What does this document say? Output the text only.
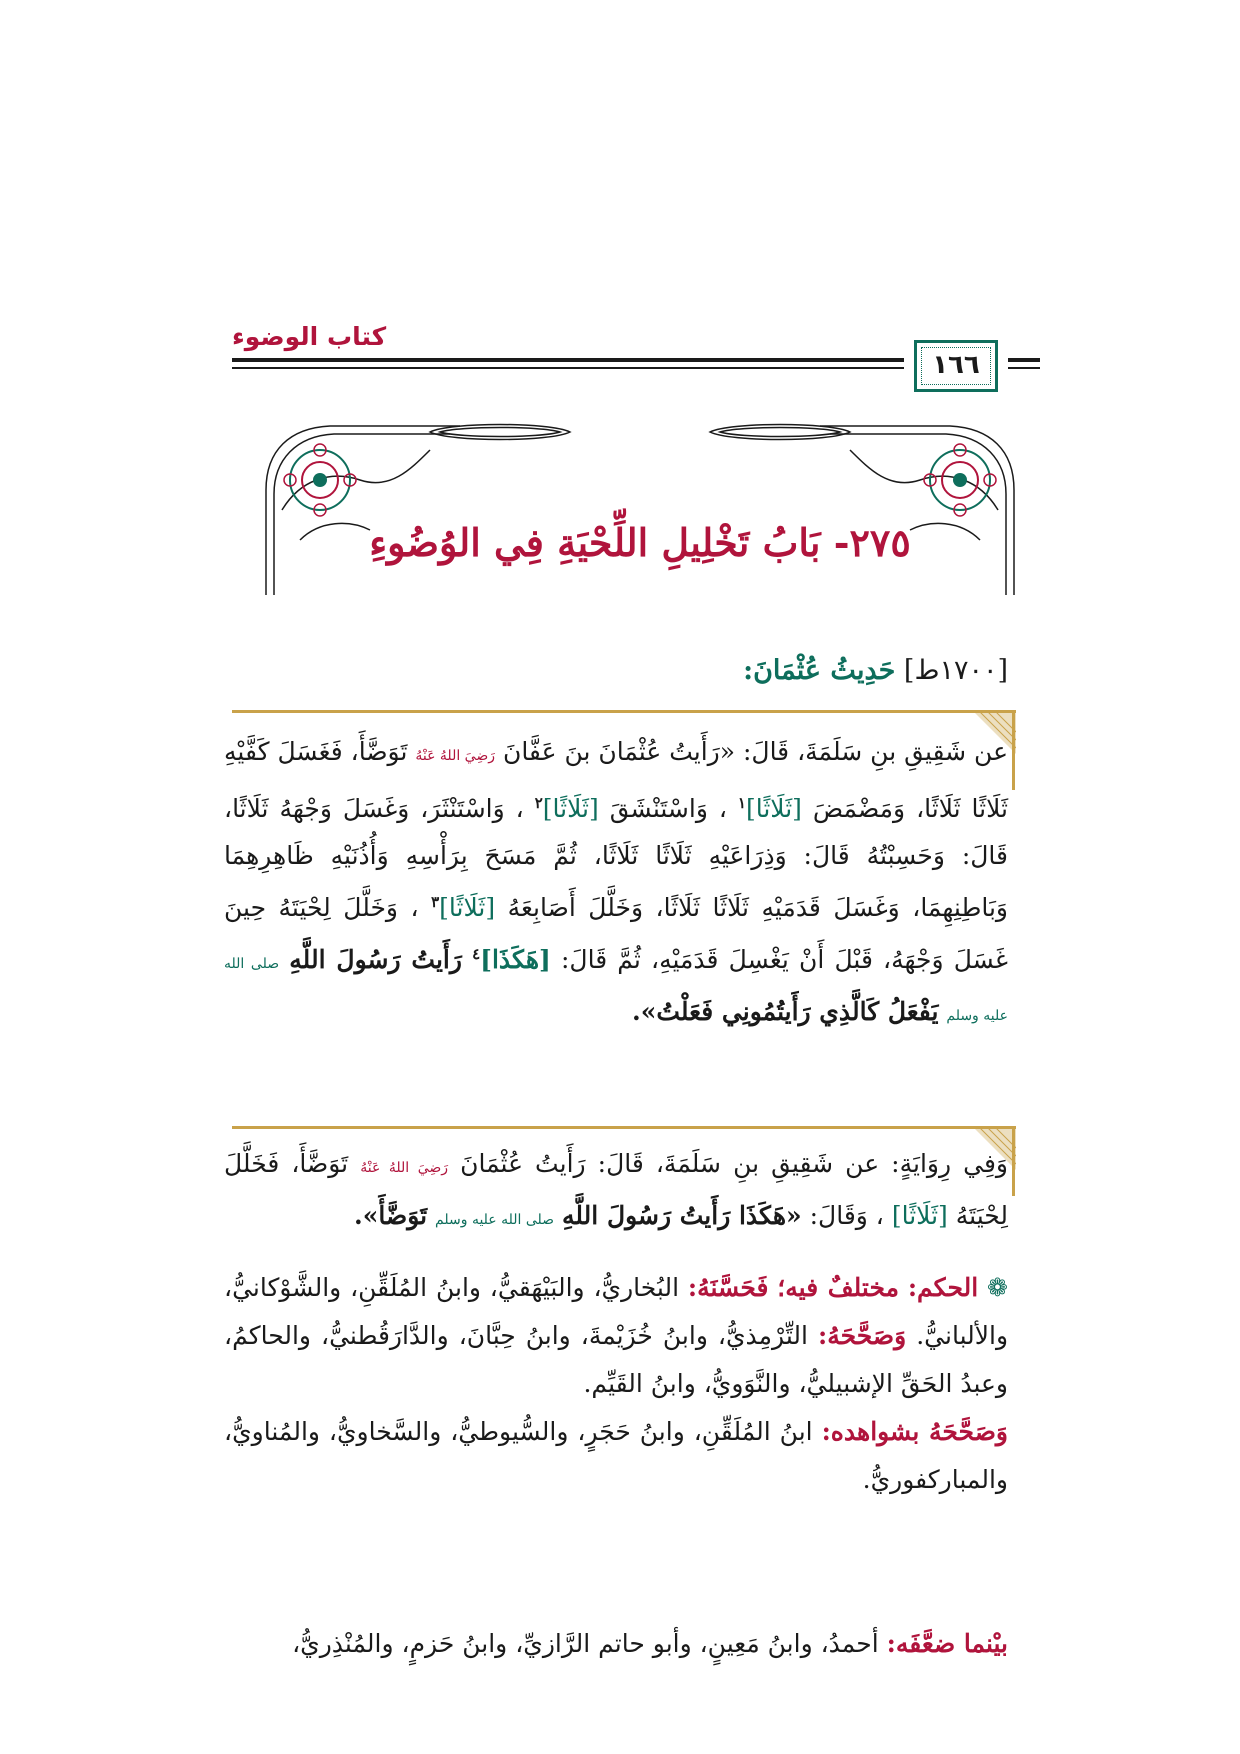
كتاب الوضوء
١٦٦
٢٧٥- بَابُ تَخْلِيلِ اللِّحْيَةِ فِي الوُضُوءِ
[١٧٠٠ط] حَدِيثُ عُثْمَانَ:
عن شَقِيقِ بنِ سَلَمَةَ، قَالَ: «رَأَيتُ عُثْمَانَ بنَ عَفَّانَ رَضِيَ اللهُ عَنْهُ تَوَضَّأَ، فَغَسَلَ كَفَّيْهِ ثَلَاثًا ثَلَاثًا، وَمَضْمَضَ [ثَلَاثًا]$^١$ ، وَاسْتَنْشَقَ [ثَلَاثًا]$^٢$ ، وَاسْتَنْثَرَ، وَغَسَلَ وَجْهَهُ ثَلَاثًا، قَالَ: وَحَسِبْتُهُ قَالَ: وَذِرَاعَيْهِ ثَلَاثًا ثَلَاثًا، ثُمَّ مَسَحَ بِرَأْسِهِ وَأُذُنَيْهِ ظَاهِرِهِمَا وَبَاطِنِهِمَا، وَغَسَلَ قَدَمَيْهِ ثَلَاثًا ثَلَاثًا، وَخَلَّلَ أَصَابِعَهُ [ثَلَاثًا]$^٣$ ، وَخَلَّلَ لِحْيَتَهُ حِينَ غَسَلَ وَجْهَهُ، قَبْلَ أَنْ يَغْسِلَ قَدَمَيْهِ، ثُمَّ قَالَ: [هَكَذَا]$^٤$ رَأَيتُ رَسُولَ اللَّهِ صلى الله عليه وسلم يَفْعَلُ كَالَّذِي رَأَيتُمُونِي فَعَلْتُ».
وَفِي رِوَايَةٍ: عن شَقِيقِ بنِ سَلَمَةَ، قَالَ: رَأَيتُ عُثْمَانَ رَضِيَ اللهُ عَنْهُ تَوَضَّأَ، فَخَلَّلَ لِحْيَتَهُ [ثَلَاثًا] ، وَقَالَ: «هَكَذَا رَأَيتُ رَسُولَ اللَّهِ صلى الله عليه وسلم تَوَضَّأَ».
❁ الحكم: مختلفٌ فيه؛ فَحَسَّنَهُ: البُخاريُّ، والبَيْهَقيُّ، وابنُ المُلَقِّنِ، والشَّوْكانيُّ، والألبانيُّ. وَصَحَّحَهُ: التِّرْمِذيُّ، وابنُ خُزَيْمةَ، وابنُ حِبَّانَ، والدَّارَقُطنيُّ، والحاكمُ، وعبدُ الحَقِّ الإشبيليُّ، والنَّوَويُّ، وابنُ القَيِّم.
وَصَحَّحَهُ بشواهده: ابنُ المُلَقِّنِ، وابنُ حَجَرٍ، والسُّيوطيُّ، والسَّخاويُّ، والمُناويُّ، والمباركفوريُّ.
بيْنما ضعَّفَه: أحمدُ، وابنُ مَعِينٍ، وأبو حاتم الرَّازيِّ، وابنُ حَزمٍ، والمُنْذِريُّ،
